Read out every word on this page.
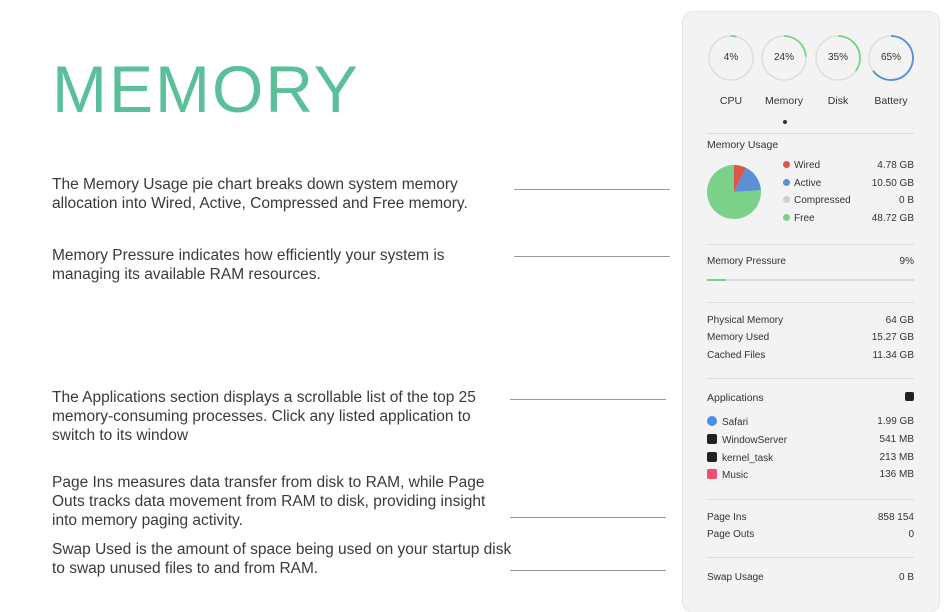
MEMORY
The Memory Usage pie chart breaks down system memory allocation into Wired, Active, Compressed and Free memory.
Memory Pressure indicates how efficiently your system is managing its available RAM resources.
The Applications section displays a scrollable list of the top 25 memory-consuming processes. Click any listed application to switch to its window
Page Ins measures data transfer from disk to RAM, while Page Outs tracks data movement from RAM to disk, providing insight into memory paging activity.
Swap Used is the amount of space being used on your startup disk to swap unused files to and from RAM.
4%
CPU
24%
Memory
35%
Disk
65%
Battery
Memory Usage
Wired	4.78 GB
Active	10.50 GB
Compressed	0 B
Free	48.72 GB
Memory Pressure	9%
Physical Memory	64 GB
Memory Used	15.27 GB
Cached Files	11.34 GB
Applications
Safari	1.99 GB
WindowServer	541 MB
kernel_task	213 MB
Music	136 MB
Page Ins	858 154
Page Outs	0
Swap Usage	0 B
